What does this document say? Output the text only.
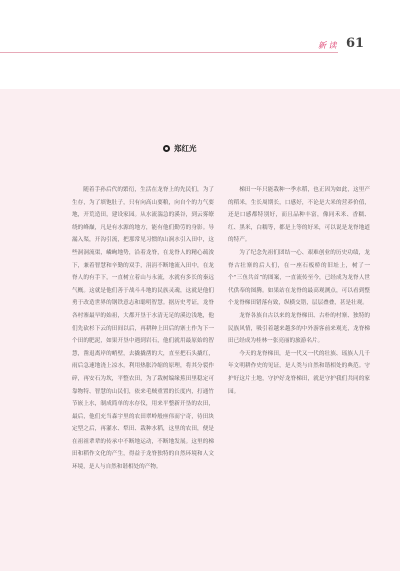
新 读 61
郑红光

随着手孙后代的繁衍，生活在龙脊上的先民们，为了生存，为了填饱肚子，只有向高山要粮，向自个的力气要地，开荒造田，建设家园。从水流湍急的溪谷，到云雾缭绕的峰巅，凡是有水源的地方，能有他们勤劳的身影。导漏入渠，开沟引流，把那常见习惯的山涧水引入田中，这些洞洞流渠，嶙峋地势，沿着龙脊，在龙脊人的精心疏浚下，兼着智慧和辛勤的双手，涓涓不断地流入田中，在龙脊人的有手下，一直树立着山与永流，水就有多长的秦远气概。这就是他们善于战斗斗地的民族灵魂，这就是他们勇于改造世界的钢铁意志和聪明智慧。据历史考证，龙脊各村寨最早的始祖，大都开垦于水清无足的溪边浅地，他们先砍杉下云的田间以后，再耕种上田后的寨土作为下一个田的肥泥，如果开垦中遇到岩石，他们就用最原始的智慧，凿退离岸的峭壁，去撬撬凿的大，直至把石头撬红，雨后急速地浇上凉水，利用热胀冷缩的原理，将其分裂作碎，再安石为坎，平整农田，为了栽树编缘蕉田里稳定可靠物特、智慧的山民们，依来毛贼重置的长度内，打通竹节嵌上水，制成简单的水存仪，用来平整新开垦的农田，最后，他们充当森宇里的农田翠岭般座伟而宁奇，待田块定型之后，再灌水、犁田、栽种水稻，这里的农田，便是在祖祖辈辈的传承中不断地运动，不断地发展。这里的梯田和稻作文化的产生，得益于龙脊独特的自然环境和人文环境，是人与自然和谐相处的产物。

梯田一年只能栽种一季水稻，也正因为如此，这里产的稻米，生长周期长，口感好，不论是大米的营养价值，还是口感都特别好，而且品种丰富，像同禾米、香糯、红、黑米，白糯等，都是上等的好米，可以说是龙脊地道的特产。

为了纪念先祖们团结一心、艰难创业的历史功绩，龙脊古壮寨的后人们，在一座石板桥的旧址上，树了一个“三鱼共首”的图案，一直流传至今，已经成为龙脊人世代供奉的图腾。如果站在龙脊的最高观测点，可以看到整个龙脊梯田错落有致，纵横交错，层层叠叠，甚是壮观。

龙脊各族自古以来的龙脊梯田、古朴的村寨、独特的民族风情，吸引着越来越多的中外游客前来观光，龙脊梯田已经成为桂林一张亮丽的旅游名片。

今天的龙脊梯田，是一代又一代的壮族、瑶族人几千年文明耕作史的见证，是人类与自然和谐相处的典范。守护好这片土地，守护好龙脊梯田，就是守护我们共同的家园。
